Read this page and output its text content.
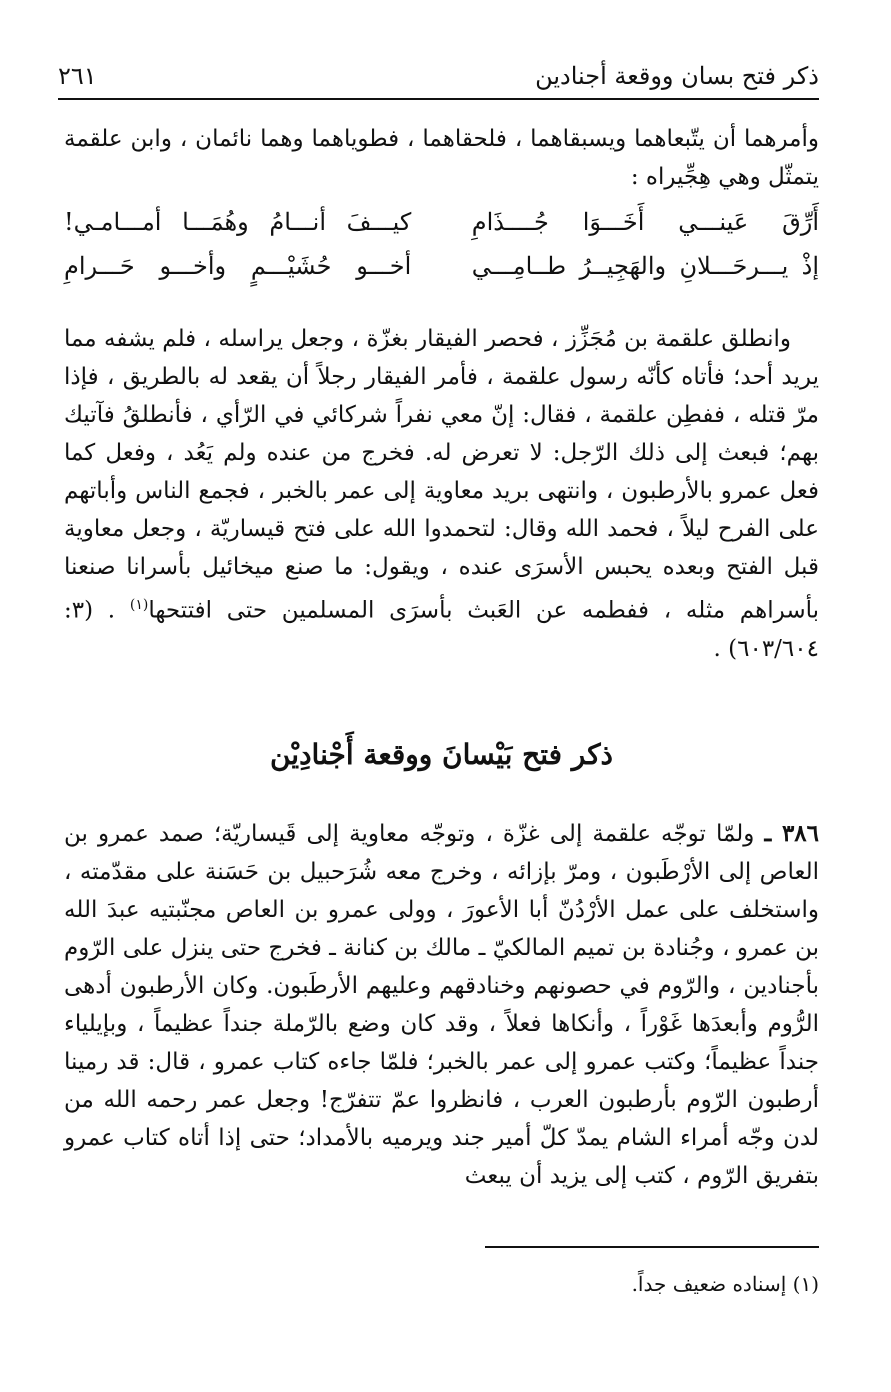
ذكر فتح بسان ووقعة أجنادين
٢٦١

وأمرهما أن يتّبعاهما ويسبقاهما ، فلحقاهما ، فطوياهما وهما نائمان ، وابن علقمة يتمثّل وهي هِجِّيراه :

أَرِّقَ عَينـــي أَخَـــوَا جُــــذَامِ
كيـــفَ أنـــامُ وهُمَـــا أمـــامـي!
إذْ يـــرحَـــلانِ والهَجِيــرُ طــامِـــي
أخـــو حُشَيْـــمٍ وأخـــو حَـــرامِ

وانطلق علقمة بن مُجَزِّز ، فحصر الفيقار بغزّة ، وجعل يراسله ، فلم يشفه مما يريد أحد؛ فأتاه كأنّه رسول علقمة ، فأمر الفيقار رجلاً أن يقعد له بالطريق ، فإذا مرّ قتله ، ففطِن علقمة ، فقال: إنّ معي نفراً شركائي في الرّأي ، فأنطلقُ فآتيك بهم؛ فبعث إلى ذلك الرّجل: لا تعرض له. فخرج من عنده ولم يَعُد ، وفعل كما فعل عمرو بالأرطبون ، وانتهى بريد معاوية إلى عمر بالخبر ، فجمع الناس وأباتهم على الفرح ليلاً ، فحمد الله وقال: لتحمدوا الله على فتح قيساريّة ، وجعل معاوية قبل الفتح وبعده يحبس الأسرَى عنده ، ويقول: ما صنع ميخائيل بأسرانا صنعنا بأسراهم مثله ، ففطمه عن العَبث بأسرَى المسلمين حتى افتتحها$^{(١)}$ . (٣: ٦٠٣/٦٠٤) .

ذكر فتح بَيْسانَ ووقعة أَجْنادِيْن

٣٨٦ ـ ولمّا توجّه علقمة إلى غزّة ، وتوجّه معاوية إلى قَيساريّة؛ صمد عمرو بن العاص إلى الأرْطَبون ، ومرّ بإزائه ، وخرج معه شُرَحبيل بن حَسَنة على مقدّمته ، واستخلف على عمل الأرْدُنّ أبا الأعورَ ، وولى عمرو بن العاص مجنّبتيه عبدَ الله بن عمرو ، وجُنادة بن تميم المالكيّ ـ مالك بن كنانة ـ فخرج حتى ينزل على الرّوم بأجنادين ، والرّوم في حصونهم وخنادقهم وعليهم الأرطَبون. وكان الأرطبون أدهى الرُّوم وأبعدَها غَوْراً ، وأنكاها فعلاً ، وقد كان وضع بالرّملة جنداً عظيماً ، وبإيلياء جنداً عظيماً؛ وكتب عمرو إلى عمر بالخبر؛ فلمّا جاءه كتاب عمرو ، قال: قد رمينا أرطبون الرّوم بأرطبون العرب ، فانظروا عمّ تتفرّج! وجعل عمر رحمه الله من لدن وجّه أمراء الشام يمدّ كلّ أمير جند ويرميه بالأمداد؛ حتى إذا أتاه كتاب عمرو بتفريق الرّوم ، كتب إلى يزيد أن يبعث

(١) إسناده ضعيف جداً.
